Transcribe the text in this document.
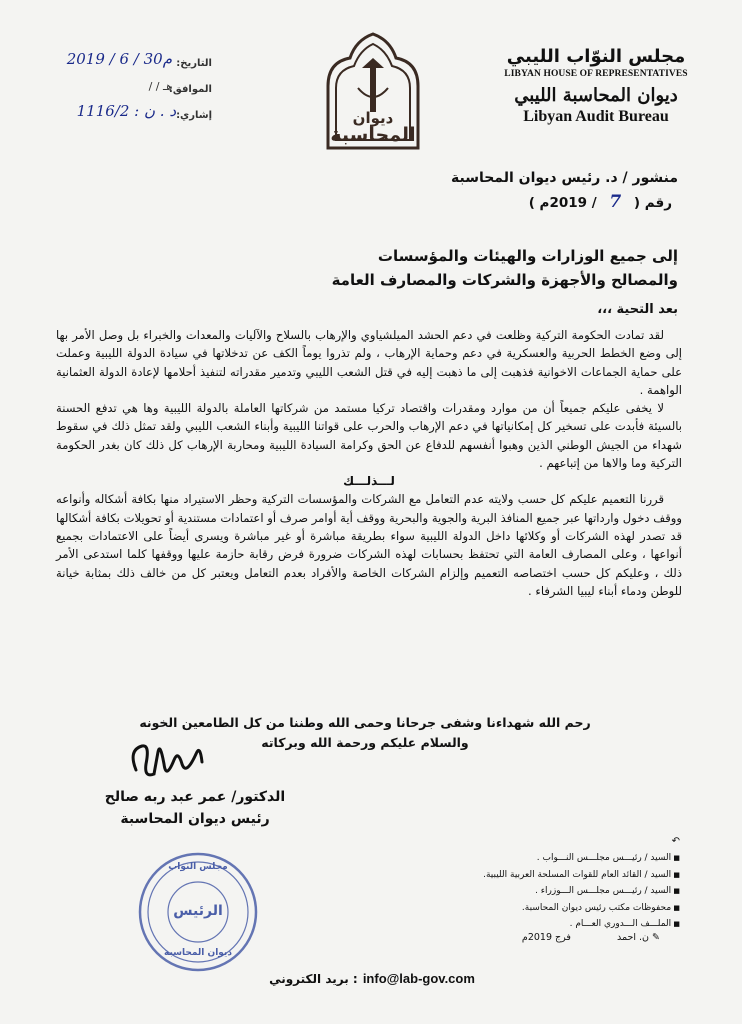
التاريخ:
2019 / 6 / 30م
الموافق:
/ / هـ
إشاري:
1116/2 : د . ن	ديوان
المحاسبة
مجلس النوّاب الليبي
LIBYAN HOUSE OF REPRESENTATIVES
ديوان المحاسبة الليبي
Libyan Audit Bureau
منشور / د. رئيس ديوان المحاسبة
رقم ( 7 / 2019م )
إلى جميع الوزارات والهيئات والمؤسسات
والمصالح والأجهزة والشركات والمصارف العامة
بعد التحية ،،،

لقد تمادت الحكومة التركية وظلعت في دعم الحشد الميلشياوي والإرهاب بالسلاح والآليات والمعدات والخبراء بل وصل الأمر بها إلى وضع الخطط الحربية والعسكرية في دعم وحماية الإرهاب ، ولم تذروا يوماً الكف عن تدخلاتها في سيادة الدولة الليبية وعملت على حماية الجماعات الاخوانية فذهبت إلى ما ذهبت إليه في قتل الشعب الليبي وتدمير مقدراته لتنفيذ أحلامها لإعادة الدولة العثمانية الواهمة .

لا يخفى عليكم جميعاً أن من موارد ومقدرات واقتصاد تركيا مستمد من شركاتها العاملة بالدولة الليبية وها هي تدفع الحسنة بالسيئة فأبدت على تسخير كل إمكانياتها في دعم الإرهاب والحرب على قواتنا الليبية وأبناء الشعب الليبي ولقد تمثل ذلك في سقوط شهداء من الجيش الوطني الذين وهبوا أنفسهم للدفاع عن الحق وكرامة السيادة الليبية ومحاربة الإرهاب كل ذلك كان بغدر الحكومة التركية وما والاها من إتباعهم .

لـــذلـــك

قررنا التعميم عليكم كل حسب ولايته عدم التعامل مع الشركات والمؤسسات التركية وحظر الاستيراد منها بكافة أشكاله وأنواعه ووقف دخول وارداتها عبر جميع المنافذ البرية والجوية والبحرية ووقف أية أوامر صرف أو اعتمادات مستندية أو تحويلات بكافة أشكالها قد تصدر لهذه الشركات أو وكلائها داخل الدولة الليبية سواء بطريقة مباشرة أو غير مباشرة ويسرى أيضاً على الاعتمادات بجميع أنواعها ، وعلى المصارف العامة التي تحتفظ بحسابات لهذه الشركات ضرورة فرض رقابة حازمة عليها ووقفها كلما استدعى الأمر ذلك ، وعليكم كل حسب اختصاصه التعميم وإلزام الشركات الخاصة والأفراد بعدم التعامل ويعتبر كل من خالف ذلك بمثابة خيانة للوطن ودماء أبناء ليبيا الشرفاء .

رحم الله شهداءنا وشفى جرحانا وحمى الله وطننا من كل الطامعين الخونه
والسلام عليكم ورحمة الله وبركاته
الدكتور/ عمر عبد ربه صالح
رئيس ديوان المحاسبة
مجلس النواب
الرئيس
ديوان المحاسبة
↶
■ السيد / رئيـــس مجلـــس النـــواب .
■ السيد / القائد العام للقوات المسلحة العربية الليبية.
■ السيد / رئيـــس مجلـــس الـــوزراء .
■ محفوظات مكتب رئيس ديوان المحاسبة.
■ الملـــف الـــدوري العـــام .
✎ ن. احمد  فرج 2019م
بريد الكتروني : info@lab-gov.com
